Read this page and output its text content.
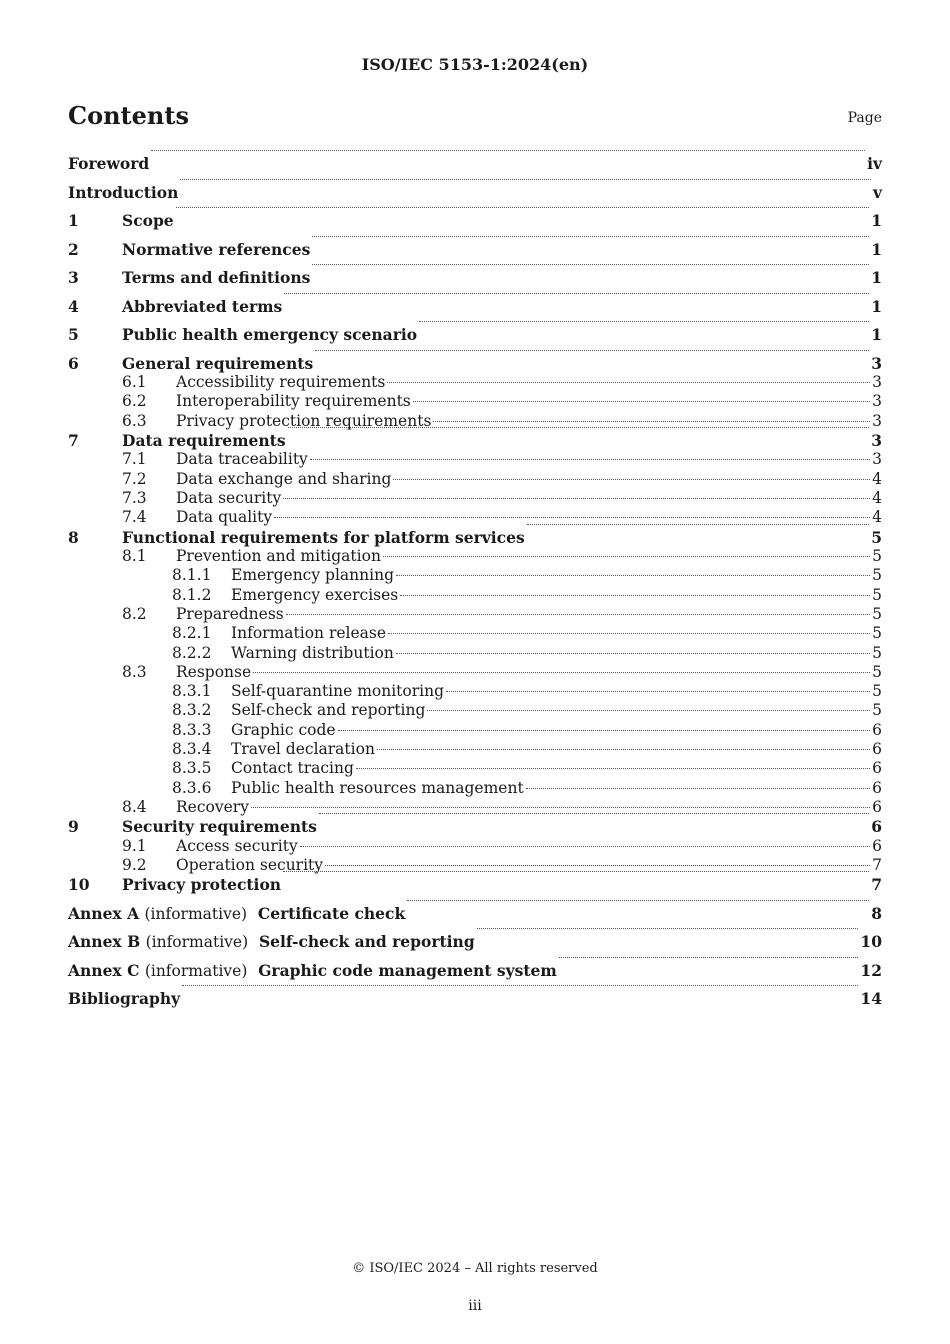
ISO/IEC 5153-1:2024(en)
Contents	Page
Foreword	iv
Introduction	v
1	Scope	1
2	Normative references	1
3	Terms and definitions	1
4	Abbreviated terms	1
5	Public health emergency scenario	1
6	General requirements	3
6.1	Accessibility requirements	3
6.2	Interoperability requirements	3
6.3	Privacy protection requirements	3
7	Data requirements	3
7.1	Data traceability	3
7.2	Data exchange and sharing	4
7.3	Data security	4
7.4	Data quality	4
8	Functional requirements for platform services	5
8.1	Prevention and mitigation	5
8.1.1	Emergency planning	5
8.1.2	Emergency exercises	5
8.2	Preparedness	5
8.2.1	Information release	5
8.2.2	Warning distribution	5
8.3	Response	5
8.3.1	Self-quarantine monitoring	5
8.3.2	Self-check and reporting	5
8.3.3	Graphic code	6
8.3.4	Travel declaration	6
8.3.5	Contact tracing	6
8.3.6	Public health resources management	6
8.4	Recovery	6
9	Security requirements	6
9.1	Access security	6
9.2	Operation security	7
10	Privacy protection	7
Annex A (informative) Certificate check	8
Annex B (informative) Self-check and reporting	10
Annex C (informative) Graphic code management system	12
Bibliography	14
© ISO/IEC 2024 – All rights reserved
iii
